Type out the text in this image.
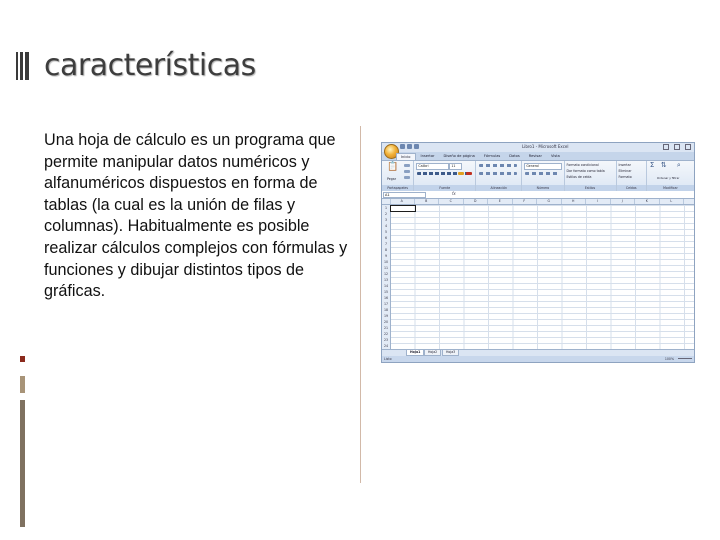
características

Una hoja de cálculo es un programa que permite manipular datos numéricos y alfanuméricos dispuestos en forma de tablas (la cual es la unión de filas y columnas). Habitualmente es posible realizar cálculos complejos con fórmulas y funciones y dibujar distintos tipos de gráficas.

Libro1 - Microsoft Excel
Inicio	Insertar	Diseño de página	Fórmulas	Datos	Revisar	Vista
📋
Pegar
Portapapeles
Calibri	11
Fuente	Alineación
General
Número
Formato condicional
Dar formato como tabla
Estilos de celda
Estilos
Insertar
Eliminar
Formato
Celdas
Σ ⇅ ⌕
Ordenar y filtrar
Modificar
A1	fx
A	B	C	D	E	F	G	H	I	J	K	L
1
2
3
4
5
6
7
8
9
10
11
12
13
14
15
16
17
18
19
20
21
22
23
24
Hoja1	Hoja2	Hoja3
Listo	100%
